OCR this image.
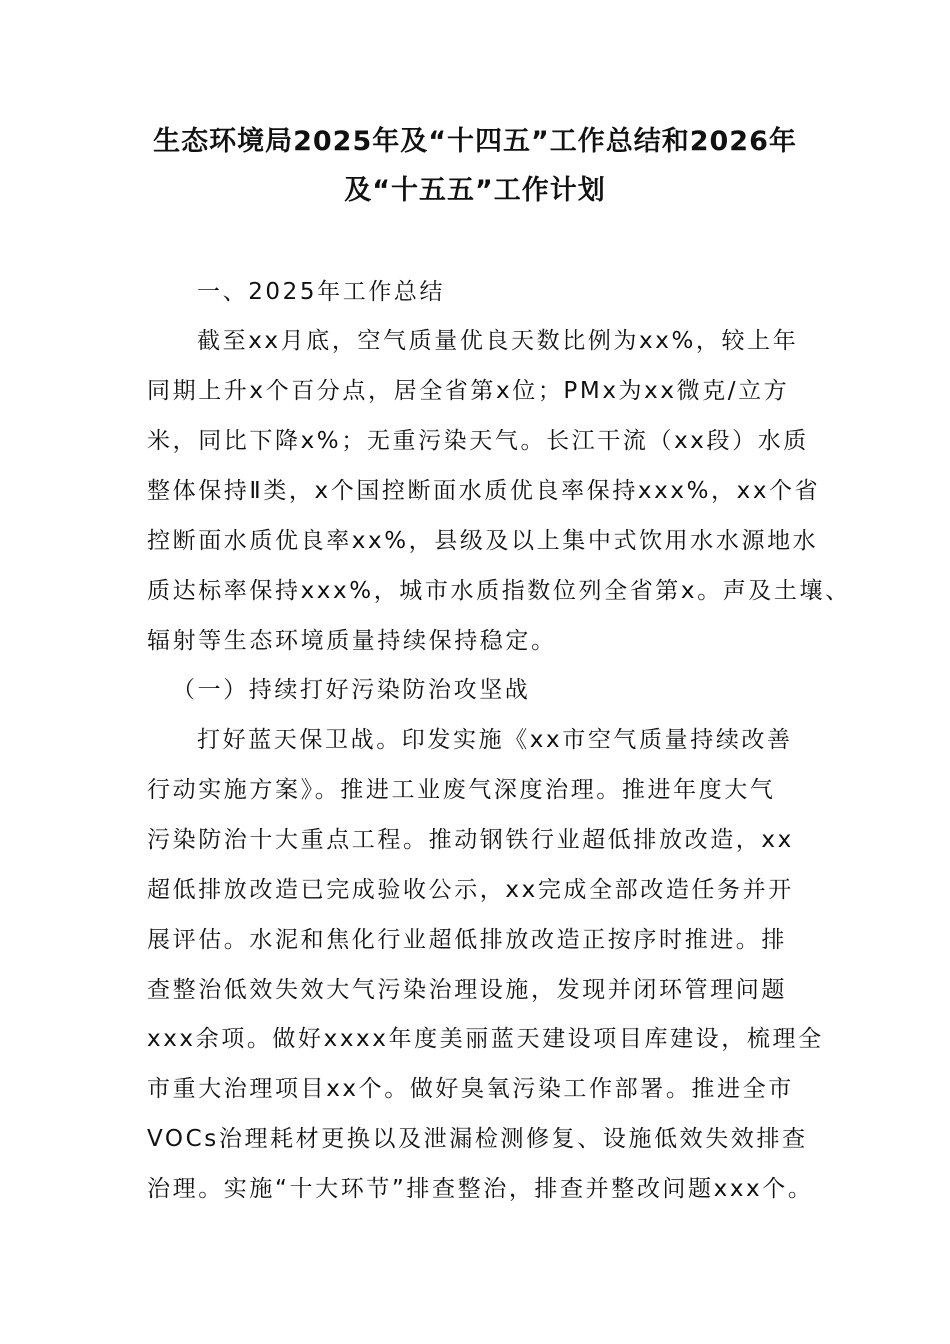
生态环境局2025年及“十四五”工作总结和2026年
及“十五五”工作计划
一、2025年工作总结
截至xx月底，空气质量优良天数比例为xx%，较上年
同期上升x个百分点，居全省第x位；PMx为xx微克/立方
米，同比下降x%；无重污染天气。长江干流（xx段）水质
整体保持Ⅱ类，x个国控断面水质优良率保持xxx%，xx个省
控断面水质优良率xx%，县级及以上集中式饮用水水源地水
质达标率保持xxx%，城市水质指数位列全省第x。声及土壤、
辐射等生态环境质量持续保持稳定。
（一）持续打好污染防治攻坚战
打好蓝天保卫战。印发实施《xx市空气质量持续改善
行动实施方案》。推进工业废气深度治理。推进年度大气
污染防治十大重点工程。推动钢铁行业超低排放改造，xx
超低排放改造已完成验收公示，xx完成全部改造任务并开
展评估。水泥和焦化行业超低排放改造正按序时推进。排
查整治低效失效大气污染治理设施，发现并闭环管理问题
xxx余项。做好xxxx年度美丽蓝天建设项目库建设，梳理全
市重大治理项目xx个。做好臭氧污染工作部署。推进全市
VOCs治理耗材更换以及泄漏检测修复、设施低效失效排查
治理。实施“十大环节”排查整治，排查并整改问题xxx个。
